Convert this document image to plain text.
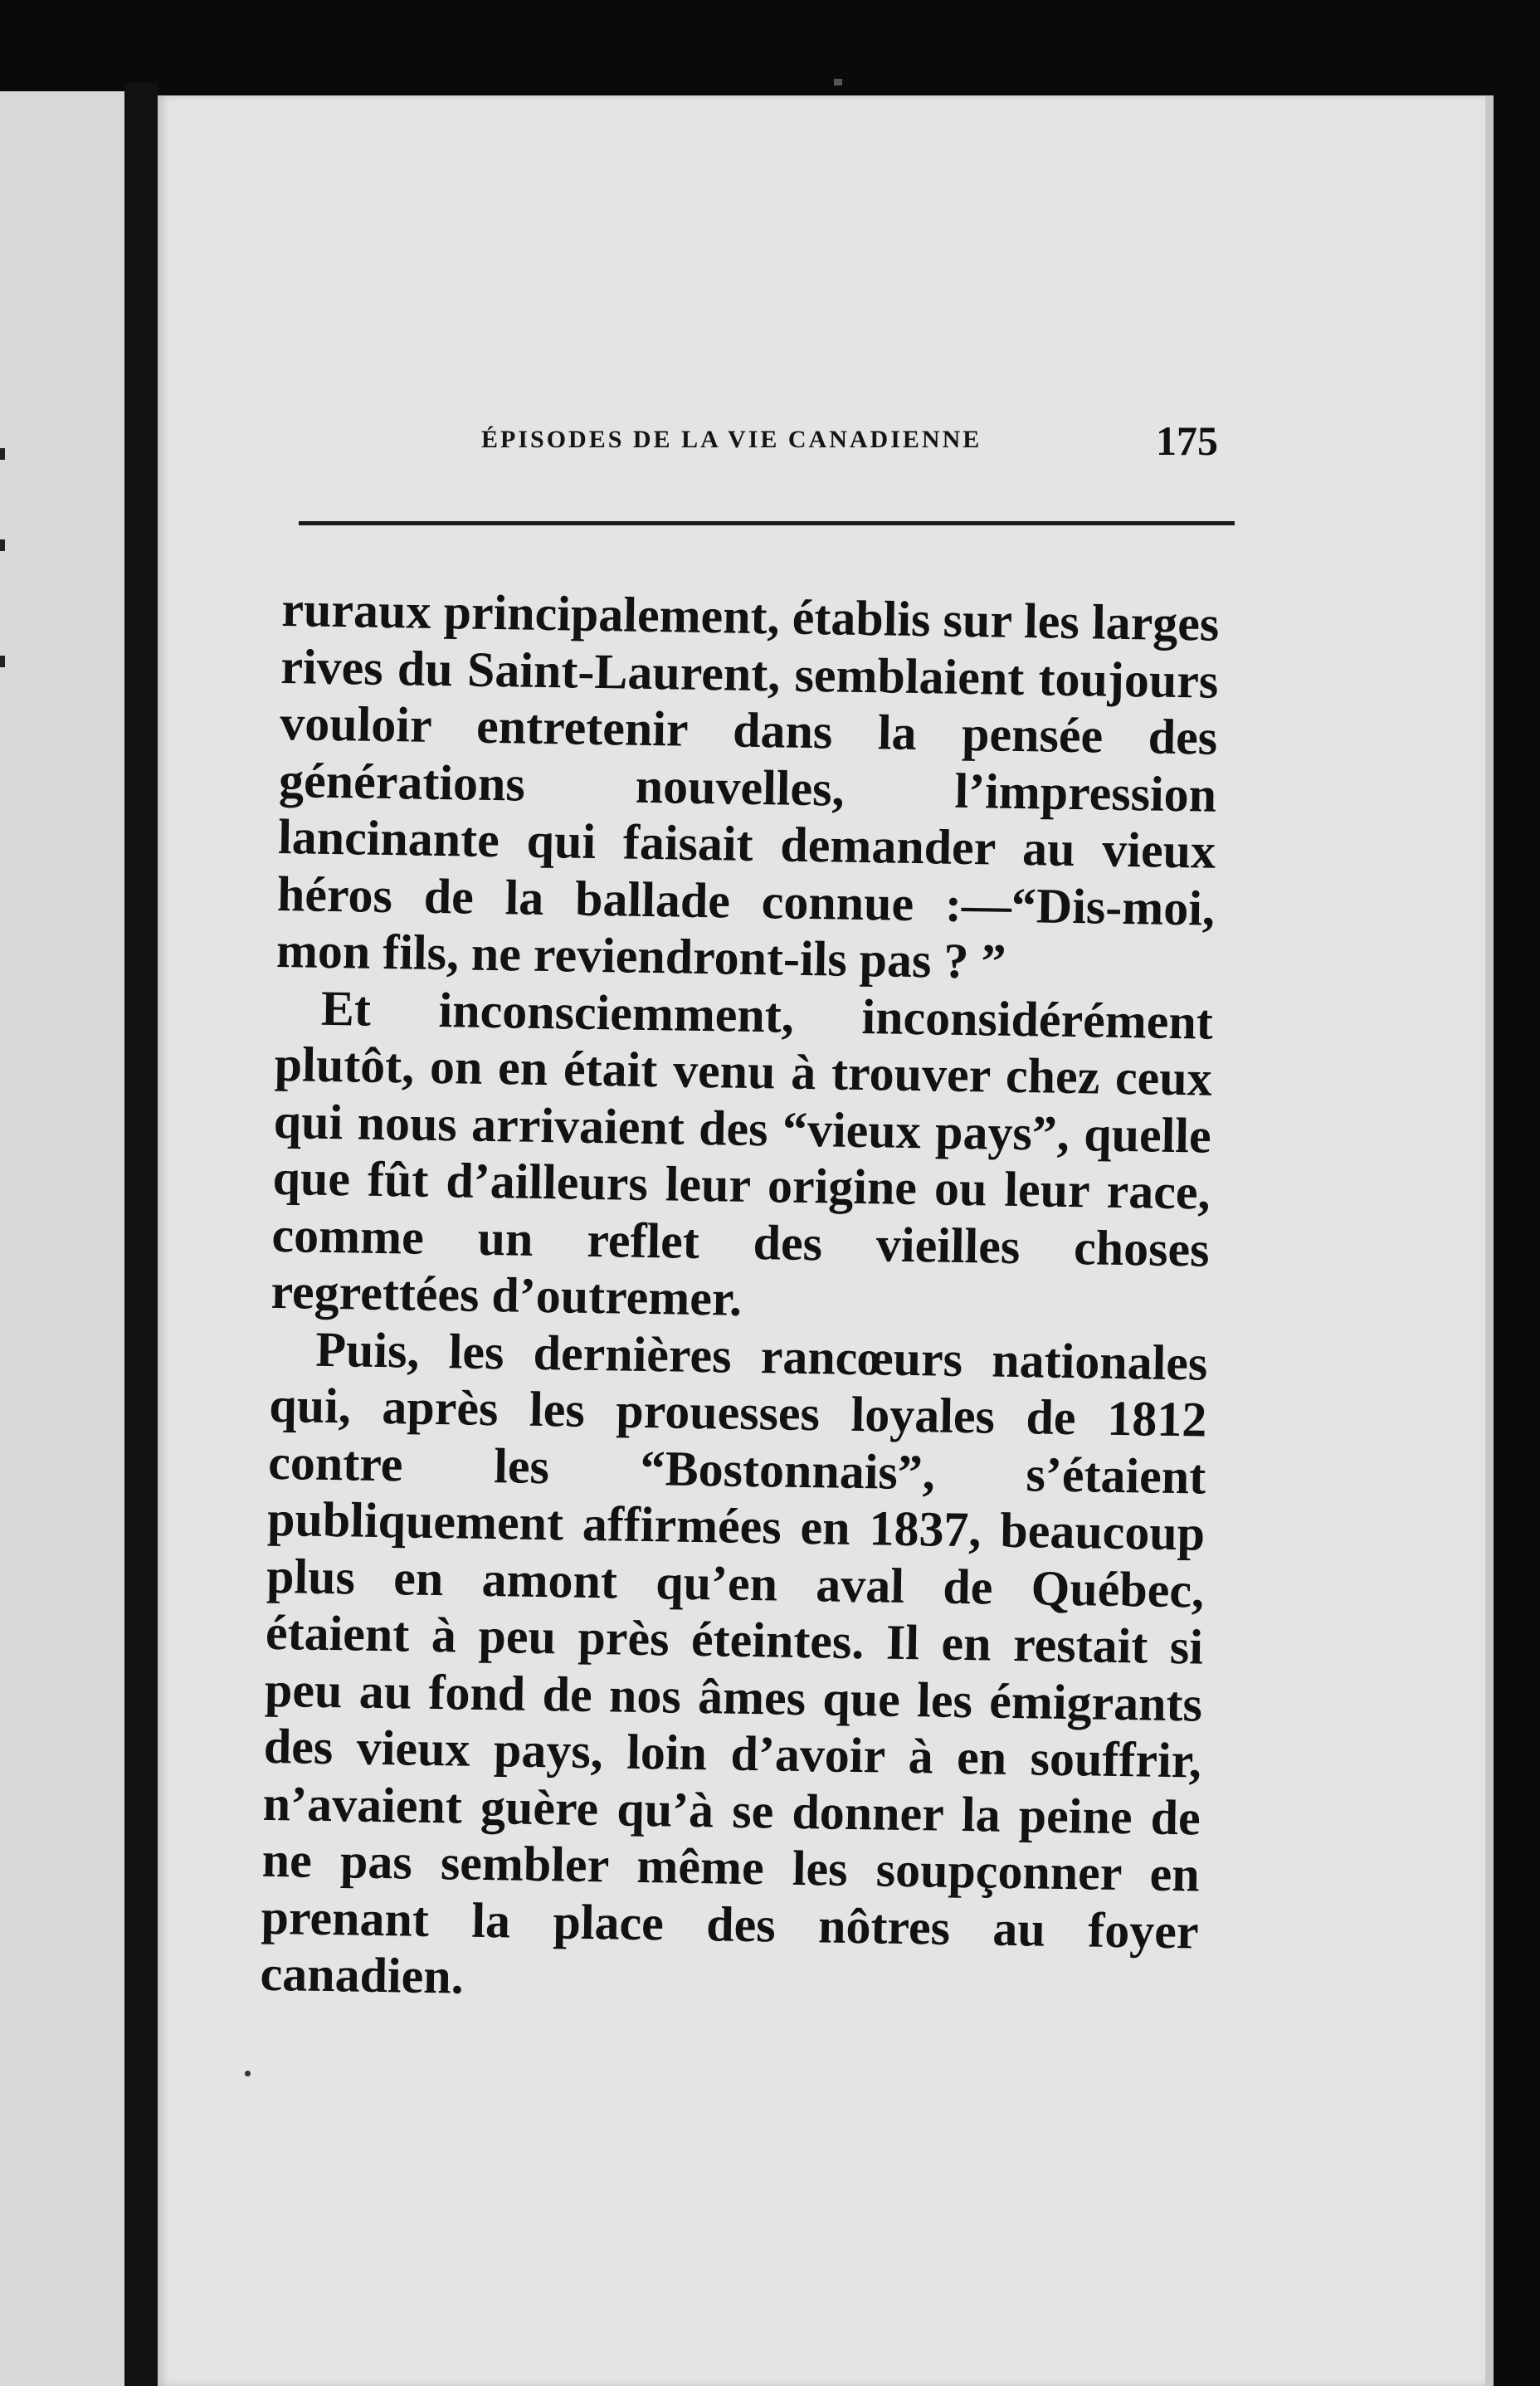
ÉPISODES DE LA VIE CANADIENNE	175

ruraux principalement, établis sur les larges rives du Saint-Laurent, semblaient toujours vouloir entretenir dans la pensée des générations nouvelles, l’impression lancinante qui faisait demander au vieux héros de la ballade connue :—“Dis-moi, mon fils, ne reviendront-ils pas ? ”

Et inconsciemment, inconsidérément plutôt, on en était venu à trouver chez ceux qui nous arrivaient des “vieux pays”, quelle que fût d’ailleurs leur origine ou leur race, comme un reflet des vieilles choses regrettées d’outremer.

Puis, les dernières rancœurs nationales qui, après les prouesses loyales de 1812 contre les “Bostonnais”, s’étaient publiquement affirmées en 1837, beaucoup plus en amont qu’en aval de Québec, étaient à peu près éteintes. Il en restait si peu au fond de nos âmes que les émigrants des vieux pays, loin d’avoir à en souffrir, n’avaient guère qu’à se donner la peine de ne pas sembler même les soupçonner en prenant la place des nôtres au foyer canadien.
